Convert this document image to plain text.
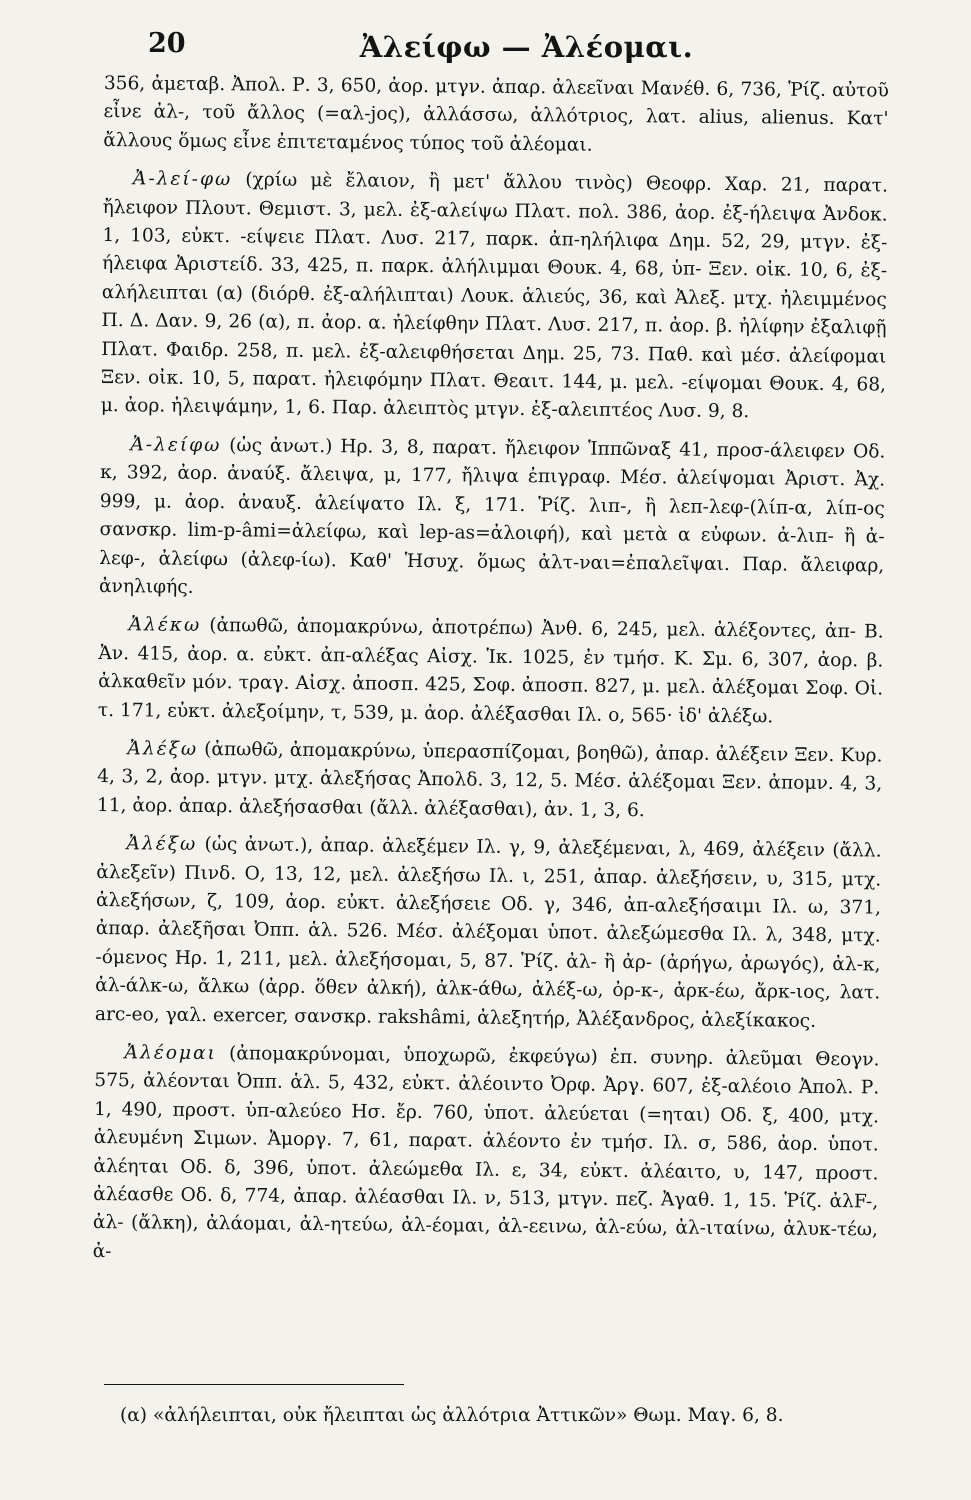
20	Ἀλείφω — Ἀλέομαι.

356, ἀμεταβ. Ἀπολ. Ρ. 3, 650, ἀορ. μτγν. ἀπαρ. ἀλεεῖναι Μανέθ. 6, 736, Ῥίζ. αὐτοῦ εἶνε ἀλ-, τοῦ ἄλλος (=αλ-jος), ἀλλάσσω, ἀλλότριος, λατ. alius, alienus. Κατ' ἄλλους ὅμως εἶνε ἐπιτεταμένος τύπος τοῦ ἀλέομαι.

Ἀ-λεί-φω (χρίω μὲ ἔλαιον, ἢ μετ' ἄλλου τινὸς) Θεοφρ. Χαρ. 21, παρατ. ἤλειφον Πλουτ. Θεμιστ. 3, μελ. ἐξ-αλείψω Πλατ. πολ. 386, ἀορ. ἐξ-ήλειψα Ἀνδοκ. 1, 103, εὐκτ. -είψειε Πλατ. Λυσ. 217, παρκ. ἀπ-ηλήλιφα Δημ. 52, 29, μτγν. ἐξ-ήλειφα Ἀριστείδ. 33, 425, π. παρκ. ἀλήλιμμαι Θουκ. 4, 68, ὑπ- Ξεν. οἰκ. 10, 6, ἐξ-αλήλειπται (α) (διόρθ. ἐξ-αλήλιπται) Λουκ. ἁλιεύς, 36, καὶ Ἀλεξ. μτχ. ἠλειμμένος Π. Δ. Δαν. 9, 26 (α), π. ἀορ. α. ἠλείφθην Πλατ. Λυσ. 217, π. ἀορ. β. ἠλίφην ἐξαλιφῇ Πλατ. Φαιδρ. 258, π. μελ. ἐξ-αλειφθήσεται Δημ. 25, 73. Παθ. καὶ μέσ. ἀλείφομαι Ξεν. οἰκ. 10, 5, παρατ. ἠλειφόμην Πλατ. Θεαιτ. 144, μ. μελ. -είψομαι Θουκ. 4, 68, μ. ἀορ. ἠλειψάμην, 1, 6. Παρ. ἀλειπτὸς μτγν. ἐξ-αλειπτέος Λυσ. 9, 8.

Ἀ-λείφω (ὡς ἀνωτ.) Ηρ. 3, 8, παρατ. ἤλειφον Ἱππῶναξ 41, προσ-άλειφεν Οδ. κ, 392, ἀορ. ἀναύξ. ἄλειψα, μ, 177, ἤλιψα ἐπιγραφ. Μέσ. ἀλείψομαι Ἀριστ. Ἀχ. 999, μ. ἀορ. ἀναυξ. ἀλείψατο Ιλ. ξ, 171. Ῥίζ. λιπ-, ἢ λεπ-λεφ-(λίπ-α, λίπ-ος σανσκρ. lim-p-âmi=ἀλείφω, καὶ lep-as=ἀλοιφή), καὶ μετὰ α εὐφων. ἀ-λιπ- ἢ ἀ-λεφ-, ἀλείφω (ἀλεφ-ίω). Καθ' Ἡσυχ. ὅμως ἀλτ-ναι=ἐπαλεῖψαι. Παρ. ἄλειφαρ, ἀνηλιφής.

Ἀλέκω (ἀπωθῶ, ἀπομακρύνω, ἀποτρέπω) Ἀνθ. 6, 245, μελ. ἀλέξοντες, ἀπ- Β. Ἀν. 415, ἀορ. α. εὐκτ. ἀπ-αλέξας Αἰσχ. Ἱκ. 1025, ἐν τμήσ. Κ. Σμ. 6, 307, ἀορ. β. ἀλκαθεῖν μόν. τραγ. Αἰσχ. ἀποσπ. 425, Σοφ. ἀποσπ. 827, μ. μελ. ἀλέξομαι Σοφ. Οἰ. τ. 171, εὐκτ. ἀλεξοίμην, τ, 539, μ. ἀορ. ἀλέξασθαι Ιλ. ο, 565· ἰδ' ἀλέξω.

Ἀλέξω (ἀπωθῶ, ἀπομακρύνω, ὑπερασπίζομαι, βοηθῶ), ἀπαρ. ἀλέξειν Ξεν. Κυρ. 4, 3, 2, ἀορ. μτγν. μτχ. ἀλεξήσας Ἀπολδ. 3, 12, 5. Μέσ. ἀλέξομαι Ξεν. ἀπομν. 4, 3, 11, ἀορ. ἀπαρ. ἀλεξήσασθαι (ἄλλ. ἀλέξασθαι), ἀν. 1, 3, 6.

Ἀλέξω (ὡς ἀνωτ.), ἀπαρ. ἀλεξέμεν Ιλ. γ, 9, ἀλεξέμεναι, λ, 469, ἀλέξειν (ἄλλ. ἀλεξεῖν) Πινδ. Ο, 13, 12, μελ. ἀλεξήσω Ιλ. ι, 251, ἀπαρ. ἀλεξήσειν, υ, 315, μτχ. ἀλεξήσων, ζ, 109, ἀορ. εὐκτ. ἀλεξήσειε Οδ. γ, 346, ἀπ-αλεξήσαιμι Ιλ. ω, 371, ἀπαρ. ἀλεξῆσαι Ὀππ. ἁλ. 526. Μέσ. ἀλέξομαι ὑποτ. ἀλεξώμεσθα Ιλ. λ, 348, μτχ. -όμενος Ηρ. 1, 211, μελ. ἀλεξήσομαι, 5, 87. Ῥίζ. ἀλ- ἢ ἀρ- (ἀρήγω, ἀρωγός), ἀλ-κ, ἀλ-άλκ-ω, ἄλκω (ἀρρ. ὅθεν ἀλκή), ἀλκ-άθω, ἀλέξ-ω, ὀρ-κ-, ἀρκ-έω, ἄρκ-ιος, λατ. arc-eo, γαλ. exercer, σανσκρ. rakshâmi, ἀλεξητήρ, Ἀλέξανδρος, ἀλεξίκακος.

Ἀλέομαι (ἀπομακρύνομαι, ὑποχωρῶ, ἐκφεύγω) ἐπ. συνηρ. ἀλεῦμαι Θεογν. 575, ἀλέονται Ὀππ. ἁλ. 5, 432, εὐκτ. ἀλέοιντο Ὀρφ. Ἀργ. 607, ἐξ-αλέοιο Ἀπολ. Ρ. 1, 490, προστ. ὑπ-αλεύεο Ησ. ἔρ. 760, ὑποτ. ἀλεύεται (=ηται) Οδ. ξ, 400, μτχ. ἀλευμένη Σιμων. Ἀμοργ. 7, 61, παρατ. ἀλέοντο ἐν τμήσ. Ιλ. σ, 586, ἀορ. ὑποτ. ἀλέηται Οδ. δ, 396, ὑποτ. ἀλεώμεθα Ιλ. ε, 34, εὐκτ. ἀλέαιτο, υ, 147, προστ. ἀλέασθε Οδ. δ, 774, ἀπαρ. ἀλέασθαι Ιλ. ν, 513, μτγν. πεζ. Ἀγαθ. 1, 15. Ῥίζ. ἀλF-, ἀλ- (ἄλκη), ἀλάομαι, ἀλ-ητεύω, ἀλ-έομαι, ἀλ-εεινω, ἀλ-εύω, ἀλ-ιταίνω, ἀλυκ-τέω, ἀ-

(α) «ἀλήλειπται, οὐκ ἤλειπται ὡς ἀλλότρια Ἀττικῶν» Θωμ. Μαγ. 6, 8.
